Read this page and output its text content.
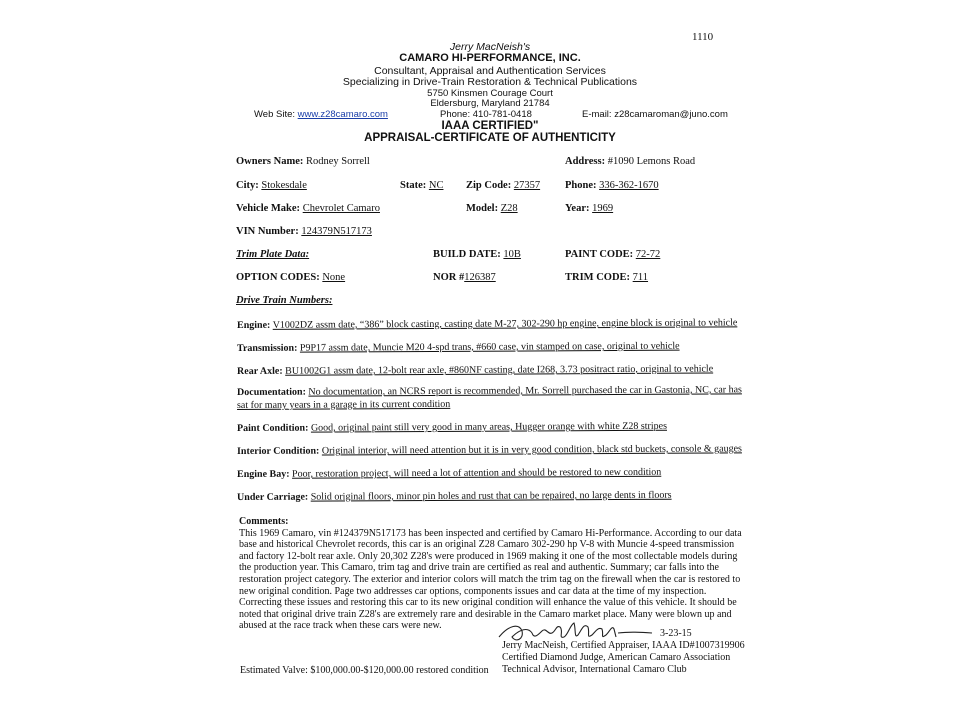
1110
Jerry MacNeish's
CAMARO HI-PERFORMANCE, INC.
Consultant, Appraisal and Authentication Services
Specializing in Drive-Train Restoration & Technical Publications
5750 Kinsmen Courage Court
Eldersburg, Maryland 21784
Web Site: www.z28camaro.com	Phone: 410-781-0418	E-mail: z28camaroman@juno.com
IAAA CERTIFIED"
APPRAISAL-CERTIFICATE OF AUTHENTICITY
Owners Name: Rodney Sorrell	Address: #1090 Lemons Road
City: Stokesdale	State: NC Zip Code: 27357 Phone: 336-362-1670
Vehicle Make: Chevrolet Camaro	Model: Z28	Year: 1969
VIN Number: 124379N517173
Trim Plate Data:	BUILD DATE: 10B	PAINT CODE: 72-72
OPTION CODES: None	NOR #126387	TRIM CODE: 711
Drive Train Numbers:
Engine: V1002DZ assm date, “386” block casting, casting date M-27, 302-290 hp engine, engine block is original to vehicle
Transmission: P9P17 assm date, Muncie M20 4-spd trans, #660 case, vin stamped on case, original to vehicle
Rear Axle: BU1002G1 assm date, 12-bolt rear axle, #860NF casting, date I268, 3.73 positract ratio, original to vehicle
Documentation: No documentation, an NCRS report is recommended, Mr. Sorrell purchased the car in Gastonia, NC, car has
sat for many years in a garage in its current condition
Paint Condition: Good, original paint still very good in many areas, Hugger orange with white Z28 stripes
Interior Condition: Original interior, will need attention but it is in very good condition, black std buckets, console & gauges
Engine Bay: Poor, restoration project, will need a lot of attention and should be restored to new condition
Under Carriage: Solid original floors, minor pin holes and rust that can be repaired, no large dents in floors
Comments:
This 1969 Camaro, vin #124379N517173 has been inspected and certified by Camaro Hi-Performance. According to our data
base and historical Chevrolet records, this car is an original Z28 Camaro 302-290 hp V-8 with Muncie 4-speed transmission
and factory 12-bolt rear axle. Only 20,302 Z28's were produced in 1969 making it one of the most collectable models during
the production year. This Camaro, trim tag and drive train are certified as real and authentic. Summary; car falls into the
restoration project category. The exterior and interior colors will match the trim tag on the firewall when the car is restored to
new original condition. Page two addresses car options, components issues and car data at the time of my inspection.
Correcting these issues and restoring this car to its new original condition will enhance the value of this vehicle. It should be
noted that original drive train Z28's are extremely rare and desirable in the Camaro market place. Many were blown up and
abused at the race track when these cars were new.
3-23-15
Jerry MacNeish, Certified Appraiser, IAAA ID#1007319906
Certified Diamond Judge, American Camaro Association
Technical Advisor, International Camaro Club
Estimated Valve: $100,000.00-$120,000.00 restored condition
